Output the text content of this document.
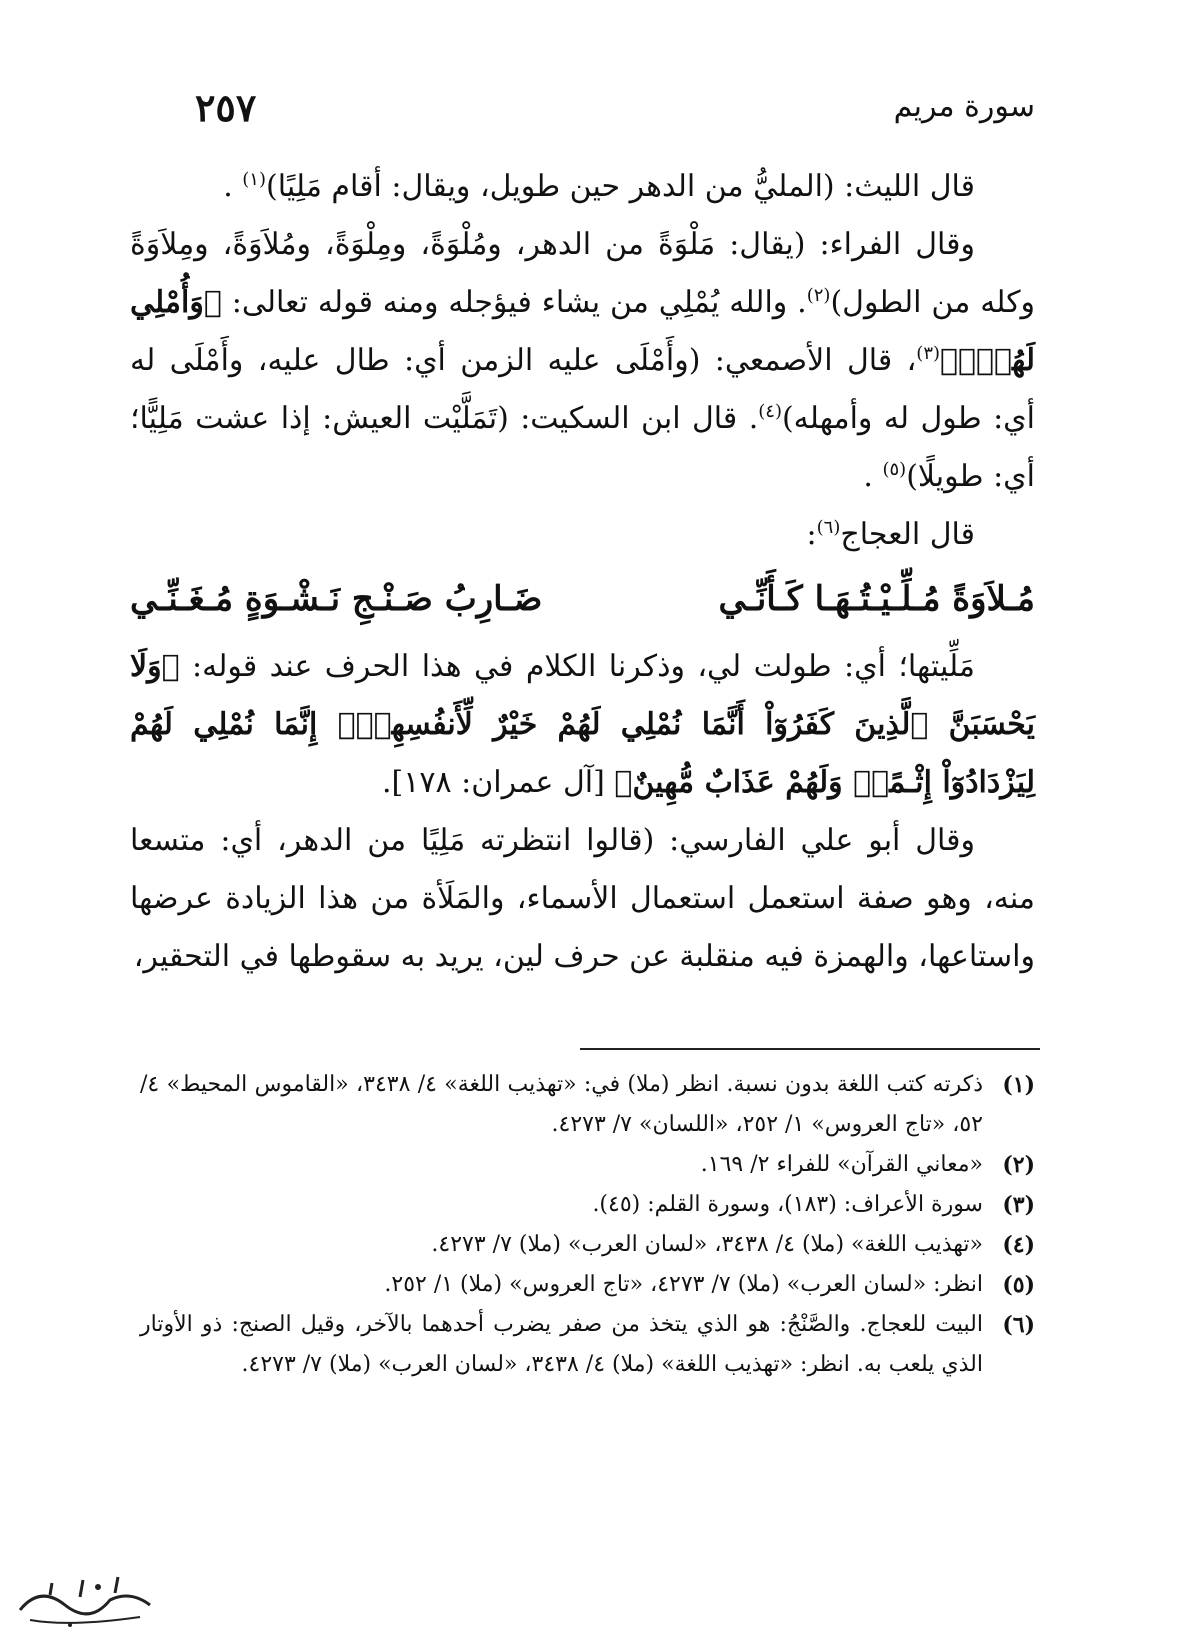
٢٥٧	سورة مريم

قال الليث: (المليُّ من الدهر حين طويل، ويقال: أقام مَلِيًا)$^{(١)}$ .

وقال الفراء: (يقال: مَلْوَةً من الدهر، ومُلْوَةً، ومِلْوَةً، ومُلاَوَةً، ومِلاَوَةً وكله من الطول)$^{(٢)}$. والله يُمْلِي من يشاء فيؤجله ومنه قوله تعالى: ﴿وَأُمْلِي لَهُمْۚ﴾$^{(٣)}$، قال الأصمعي: (وأَمْلَى عليه الزمن أي: طال عليه، وأَمْلَى له أي: طول له وأمهله)$^{(٤)}$. قال ابن السكيت: (تَمَلَّيْت العيش: إذا عشت مَلِيًّا؛ أي: طويلًا)$^{(٥)}$ .

قال العجاج$^{(٦)}$:

مُـلاَوَةً مُـلِّـيْـتُـهَـا كَـأَنِّـي
ضَـارِبُ صَـنْـجِ نَـشْـوَةٍ مُـغَـنِّـي

مَلِّيتها؛ أي: طولت لي، وذكرنا الكلام في هذا الحرف عند قوله: ﴿وَلَا يَحْسَبَنَّ ٱلَّذِينَ كَفَرُوٓاْ أَنَّمَا نُمْلِي لَهُمْ خَيْرٌ لِّأَنفُسِهِمْۚ إِنَّمَا نُمْلِي لَهُمْ لِيَزْدَادُوٓاْ إِثْـمًاۚ وَلَهُمْ عَذَابٌ مُّهِينٌ﴾ [آل عمران: ١٧٨].

وقال أبو علي الفارسي: (قالوا انتظرته مَلِيًا من الدهر، أي: متسعا منه، وهو صفة استعمل استعمال الأسماء، والمَلَأة من هذا الزيادة عرضها واستاعها، والهمزة فيه منقلبة عن حرف لين، يريد به سقوطها في التحقير،

(١)
ذكرته كتب اللغة بدون نسبة. انظر (ملا) في: «تهذيب اللغة» ٤/ ٣٤٣٨، «القاموس المحيط» ٤/ ٥٢، «تاج العروس» ١/ ٢٥٢، «اللسان» ٧/ ٤٢٧٣.
(٢)
«معاني القرآن» للفراء ٢/ ١٦٩.
(٣)
سورة الأعراف: (١٨٣)، وسورة القلم: (٤٥).
(٤)
«تهذيب اللغة» (ملا) ٤/ ٣٤٣٨، «لسان العرب» (ملا) ٧/ ٤٢٧٣.
(٥)
انظر: «لسان العرب» (ملا) ٧/ ٤٢٧٣، «تاج العروس» (ملا) ١/ ٢٥٢.
(٦)
البيت للعجاج. والصَّنْجُ: هو الذي يتخذ من صفر يضرب أحدهما بالآخر، وقيل الصنج: ذو الأوتار الذي يلعب به. انظر: «تهذيب اللغة» (ملا) ٤/ ٣٤٣٨، «لسان العرب» (ملا) ٧/ ٤٢٧٣.
